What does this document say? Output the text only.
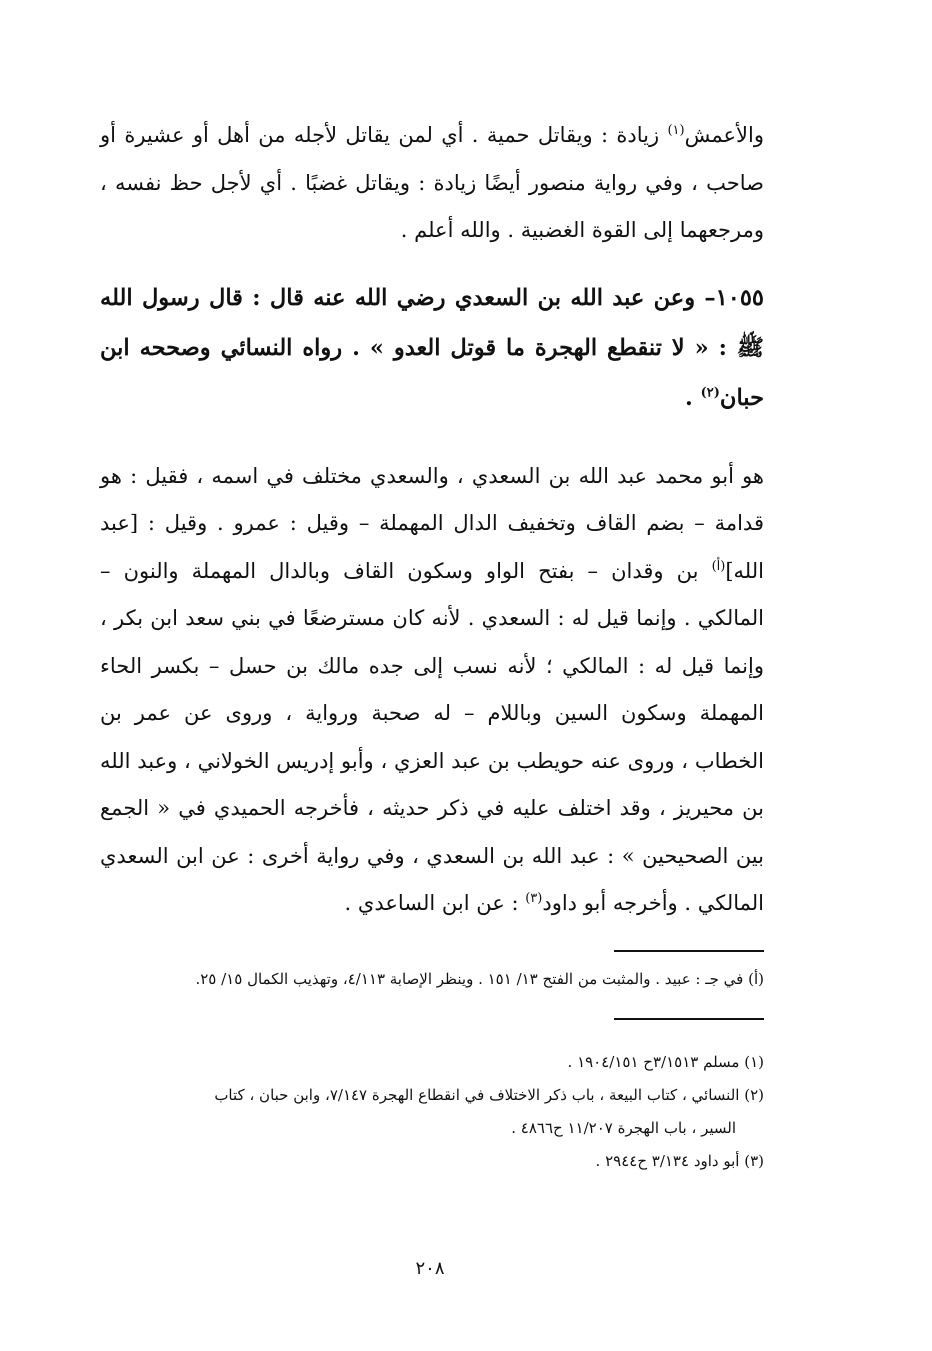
والأعمش$^{(١)}$ زيادة : ويقاتل حمية . أي لمن يقاتل لأجله من أهل أو عشيرة أو صاحب ، وفي رواية منصور أيضًا زيادة : ويقاتل غضبًا . أي لأجل حظ نفسه ، ومرجعهما إلى القوة الغضبية . والله أعلم .

١٠٥٥– وعن عبد الله بن السعدي رضي الله عنه قال : قال رسول الله ﷺ : « لا تنقطع الهجرة ما قوتل العدو » . رواه النسائي وصححه ابن حبان$^{(٢)}$ .

هو أبو محمد عبد الله بن السعدي ، والسعدي مختلف في اسمه ، فقيل : هو قدامة – بضم القاف وتخفيف الدال المهملة – وقيل : عمرو . وقيل : [عبد الله]$^{(أ)}$ بن وقدان – بفتح الواو وسكون القاف وبالدال المهملة والنون – المالكي . وإنما قيل له : السعدي . لأنه كان مسترضعًا في بني سعد ابن بكر ، وإنما قيل له : المالكي ؛ لأنه نسب إلى جده مالك بن حسل – بكسر الحاء المهملة وسكون السين وباللام – له صحبة ورواية ، وروى عن عمر بن الخطاب ، وروى عنه حويطب بن عبد العزي ، وأبو إدريس الخولاني ، وعبد الله بن محيريز ، وقد اختلف عليه في ذكر حديثه ، فأخرجه الحميدي في « الجمع بين الصحيحين » : عبد الله بن السعدي ، وفي رواية أخرى : عن ابن السعدي المالكي . وأخرجه أبو داود$^{(٣)}$ : عن ابن الساعدي .

(أ) في جـ : عبيد . والمثبت من الفتح ١٣/ ١٥١ . وينظر الإصابة ٤/١١٣، وتهذيب الكمال ١٥/ ٢٥.

(١) مسلم ٣/١٥١٣ح ١٩٠٤/١٥١ .

(٢) النسائي ، كتاب البيعة ، باب ذكر الاختلاف في انقطاع الهجرة ٧/١٤٧، وابن حبان ، كتاب

السير ، باب الهجرة ١١/٢٠٧ ح٤٨٦٦ .

(٣) أبو داود ٣/١٣٤ ح٢٩٤٤ .

٢٠٨
